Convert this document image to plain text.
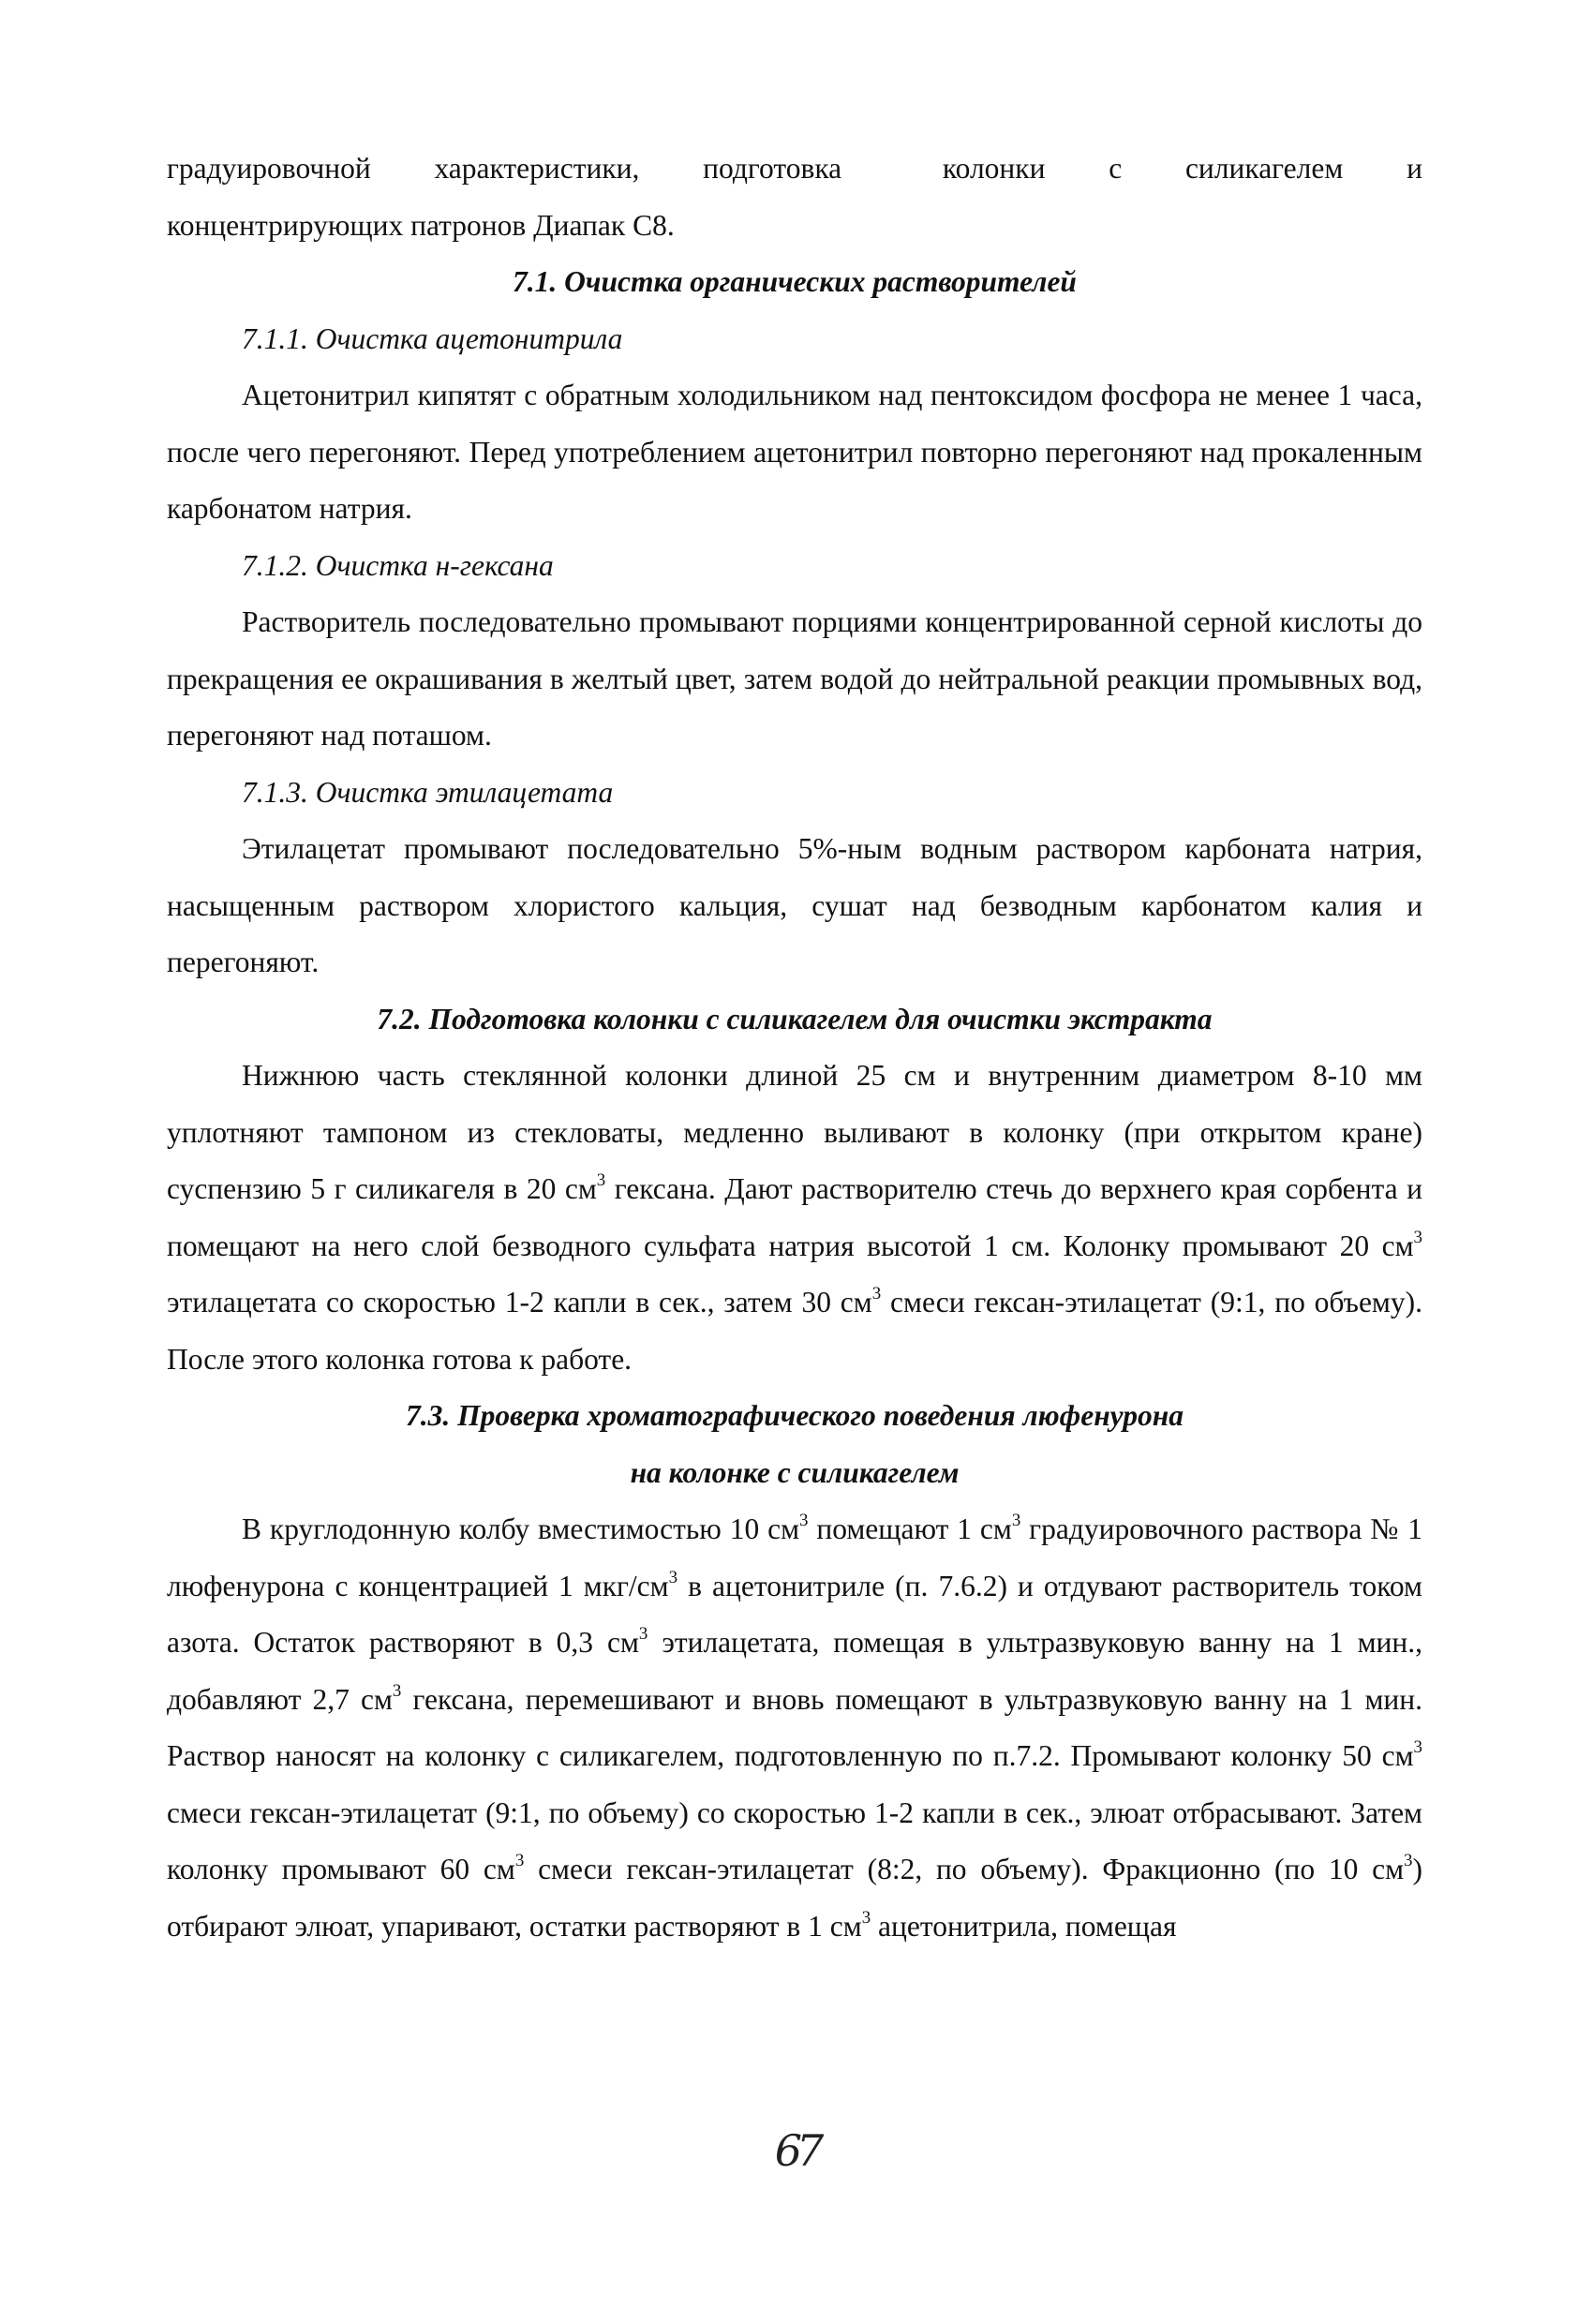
градуировочной характеристики, подготовка	колонки с силикагелем и

концентрирующих патронов Диапак С8.

7.1. Очистка органических растворителей

7.1.1. Очистка ацетонитрила

Ацетонитрил кипятят с обратным холодильником над пентоксидом фосфора не менее 1 часа, после чего перегоняют. Перед употреблением ацетонитрил повторно перегоняют над прокаленным карбонатом натрия.

7.1.2. Очистка н-гексана

Растворитель последовательно промывают порциями концентрированной серной кислоты до прекращения ее окрашивания в желтый цвет, затем водой до нейтральной реакции промывных вод, перегоняют над поташом.

7.1.3. Очистка этилацетата

Этилацетат промывают последовательно 5%-ным водным раствором карбоната натрия, насыщенным раствором хлористого кальция, сушат над безводным карбонатом калия и перегоняют.

7.2. Подготовка колонки с силикагелем для очистки экстракта

Нижнюю часть стеклянной колонки длиной 25 см и внутренним диаметром 8-10 мм уплотняют тампоном из стекловаты, медленно выливают в колонку (при открытом кране) суспензию 5 г силикагеля в 20 $см^3$ гексана. Дают растворителю стечь до верхнего края сорбента и помещают на него слой безводного сульфата натрия высотой 1 см. Колонку промывают 20 $см^3$ этилацетата со скоростью 1-2 капли в сек., затем 30 $см^3$ смеси гексан-этилацетат (9:1, по объему). После этого колонка готова к работе.

7.3. Проверка хроматографического поведения люфенурона

на колонке с силикагелем

В круглодонную колбу вместимостью 10 $см^3$ помещают 1 $см^3$ градуировочного раствора № 1 люфенурона с концентрацией 1 мкг/$см^3$ в ацетонитриле (п. 7.6.2) и отдувают растворитель током азота. Остаток растворяют в 0,3 $см^3$ этилацетата, помещая в ультразвуковую ванну на 1 мин., добавляют 2,7 $см^3$ гексана, перемешивают и вновь помещают в ультразвуковую ванну на 1 мин. Раствор наносят на колонку с силикагелем, подготовленную по п.7.2. Промывают колонку 50 $см^3$ смеси гексан-этилацетат (9:1, по объему) со скоростью 1-2 капли в сек., элюат отбрасывают. Затем колонку промывают 60 $см^3$ смеси гексан-этилацетат (8:2, по объему). Фракционно (по 10 $см^3$) отбирают элюат, упаривают, остатки растворяют в 1 $см^3$ ацетонитрила, помещая

67
